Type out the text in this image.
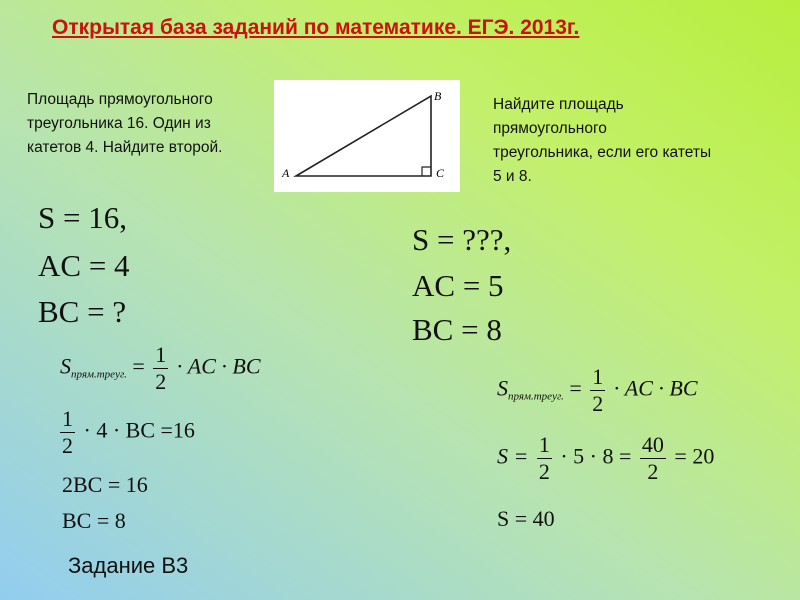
Открытая база заданий по математике. ЕГЭ. 2013г.
Площадь прямоугольного
треугольника 16. Один из
катетов 4. Найдите второй.
A
B
C
Найдите площадь
прямоугольного
треугольника, если его катеты
5 и 8.
S = 16,
AC = 4
BC = ?
$S_{прям.треуг.} = \frac{1}{2}$ · AC · BC
$\frac{1}{2} \cdot 4$ · BC =16
2BC = 16
BC = 8
S = ???,
AC = 5
BC = 8
$S_{прям.треуг.} = \frac{1}{2}$ · AC · BC
$S = \frac{1}{2} \cdot 5 \cdot 8 = \frac{40}{2} = 20$
S = 40
Задание B3
